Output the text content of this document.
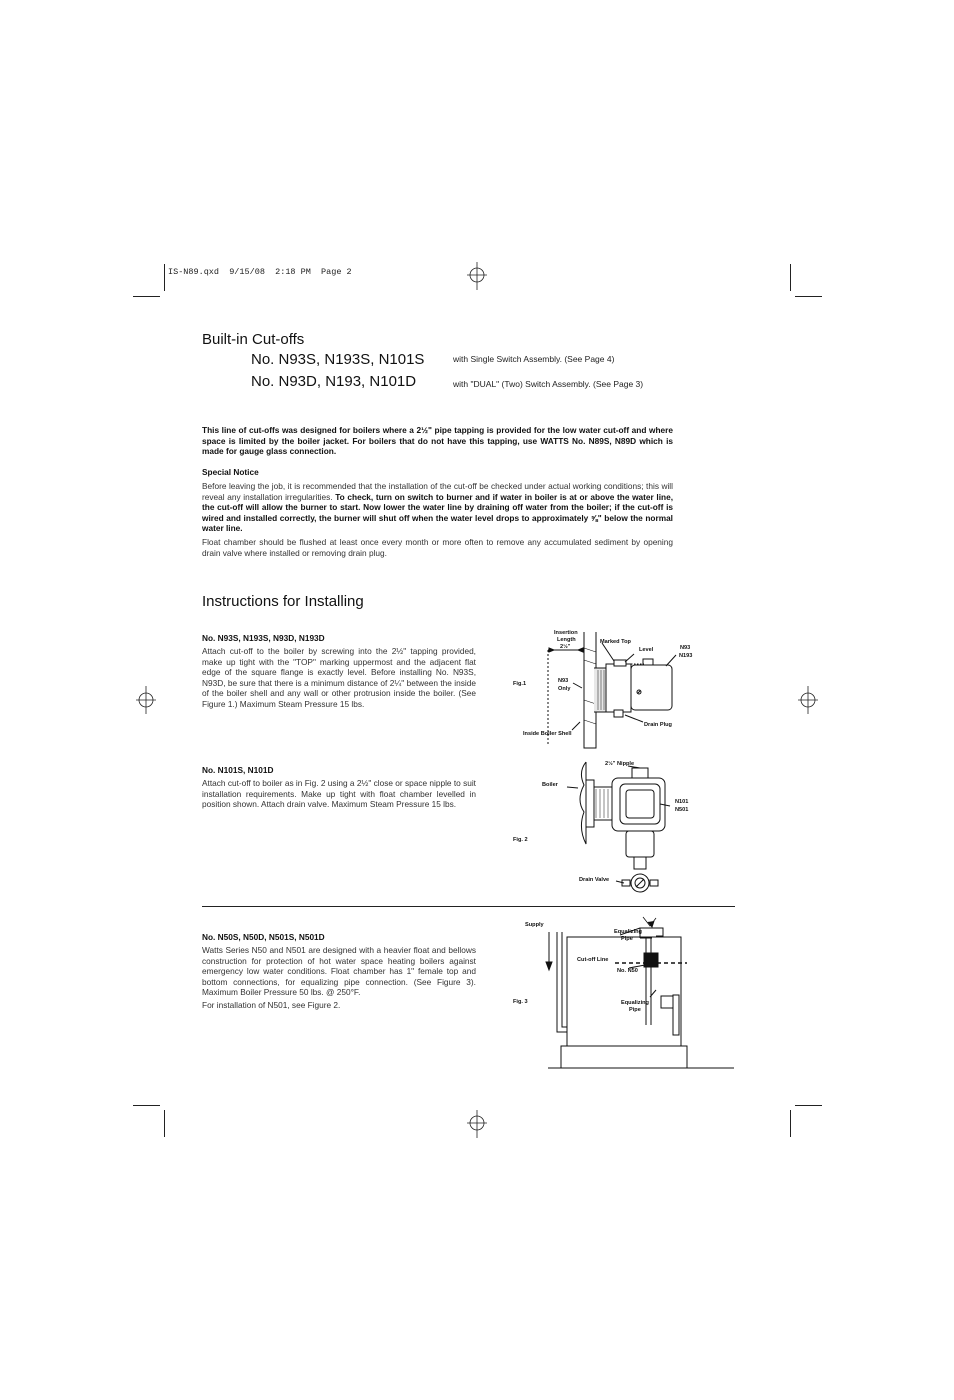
IS-N89.qxd  9/15/08  2:18 PM  Page 2
Built-in Cut-offs
No. N93S, N193S, N101S	with Single Switch Assembly. (See Page 4)
No. N93D, N193, N101D	with "DUAL" (Two) Switch Assembly. (See Page 3)
This line of cut-offs was designed for boilers where a 2½" pipe tapping is provided for the low water cut-off and where space is limited by the boiler jacket. For boilers that do not have this tapping, use WATTS No. N89S, N89D which is made for gauge glass connection.
Special Notice
Before leaving the job, it is recommended that the installation of the cut-off be checked under actual working conditions; this will reveal any installation irregularities. To check, turn on switch to burner and if water in boiler is at or above the water line, the cut-off will allow the burner to start. Now lower the water line by draining off water from the boiler; if the cut-off is wired and installed correctly, the burner will shut off when the water level drops to approximately ⅝" below the normal water line.
Float chamber should be flushed at least once every month or more often to remove any accumulated sediment by opening drain valve where installed or removing drain plug.
Instructions for Installing
No. N93S, N193S, N93D, N193D
Attach cut-off to the boiler by screwing into the 2½" tapping provided, make up tight with the "TOP" marking uppermost and the adjacent flat edge of the square flange is exactly level. Before installing No. N93S, N93D, be sure that there is a minimum distance of 2¼" between the inside of the boiler shell and any wall or other protrusion inside the boiler. (See Figure 1.) Maximum Steam Pressure 15 lbs.
No. N101S, N101D
Attach cut-off to boiler as in Fig. 2 using a 2½" close or space nipple to suit installation requirements. Make up tight with float chamber levelled in position shown. Attach drain valve. Maximum Steam Pressure 15 lbs.
No. N50S, N50D, N501S, N501D
Watts Series N50 and N501 are designed with a heavier float and bellows construction for protection of hot water space heating boilers against emergency low water conditions. Float chamber has 1" female top and bottom connections, for equalizing pipe connection. (See Figure 3). Maximum Boiler Pressure 50 lbs. @ 250°F.
For installation of N501, see Figure 2.
Fig.1
Insertion
Length
2½"
Marked Top
Level	N93
N193
N93
Only
Drain Plug
Inside Boiler Shell
Fig. 2
2½" Nipple
Boiler
N101
N501
Drain Valve
Fig. 3
Supply
Equalizing
Pipe
Cut-off Line
No. N50
Equalizing
Pipe
